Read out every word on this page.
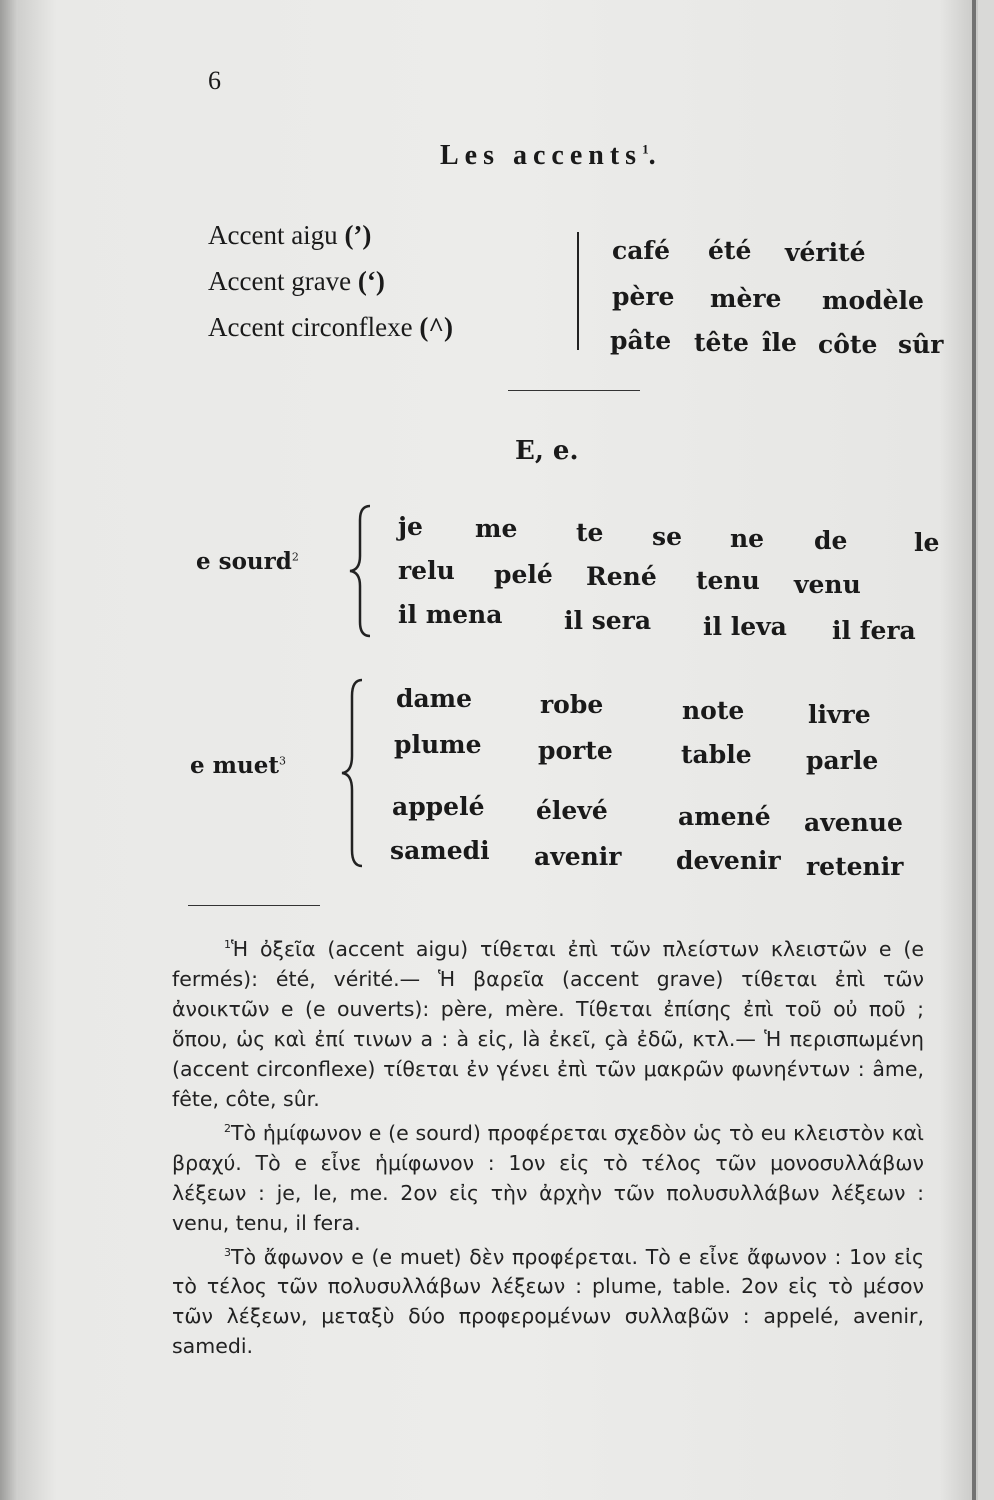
6
Les accents$^1$.
Accent aigu (’)
Accent grave (‘)
Accent circonflexe (^)
café été vérité
père mère modèle
pâte tête île côte sûr
E, e.
e sourd$^2$
je me te se ne de	le
relu pelé René tenu venu
il mena il sera il leva il fera
e muet$^3$
dame	robe	note	livre
plume porte	table parle
appelé élevé	amené avenue
samedi avenir devenir retenir

$^1$Ἡ ὀξεῖα (accent aigu) τίθεται ἐπὶ τῶν πλείστων κλειστῶν e (e fermés): été, vérité.— Ἡ βαρεῖα (accent grave) τίθεται ἐπὶ τῶν ἀνοικτῶν e (e ouverts): père, mère. Τίθεται ἐπίσης ἐπὶ τοῦ οὐ ποῦ ; ὅπου, ὡς καὶ ἐπί τινων a : à εἰς, là ἐκεῖ, çà ἐδῶ, κτλ.— Ἡ περισπωμένη (accent circonflexe) τίθεται ἐν γένει ἐπὶ τῶν μακρῶν φωνηέντων : âme, fête, côte, sûr.

$^2$Τὸ ἡμίφωνον e (e sourd) προφέρεται σχεδὸν ὡς τὸ eu κλειστὸν καὶ βραχύ. Τὸ e εἶνε ἡμίφωνον : 1ον εἰς τὸ τέλος τῶν μονοσυλλάβων λέξεων : je, le, me. 2ον εἰς τὴν ἀρχὴν τῶν πολυσυλλάβων λέξεων : venu, tenu, il fera.

$^3$Τὸ ἄφωνον e (e muet) δὲν προφέρεται. Τὸ e εἶνε ἄφωνον : 1ον εἰς τὸ τέλος τῶν πολυσυλλάβων λέξεων : plume, table. 2ον εἰς τὸ μέσον τῶν λέξεων, μεταξὺ δύο προφερομένων συλλαβῶν : appelé, avenir, samedi.
